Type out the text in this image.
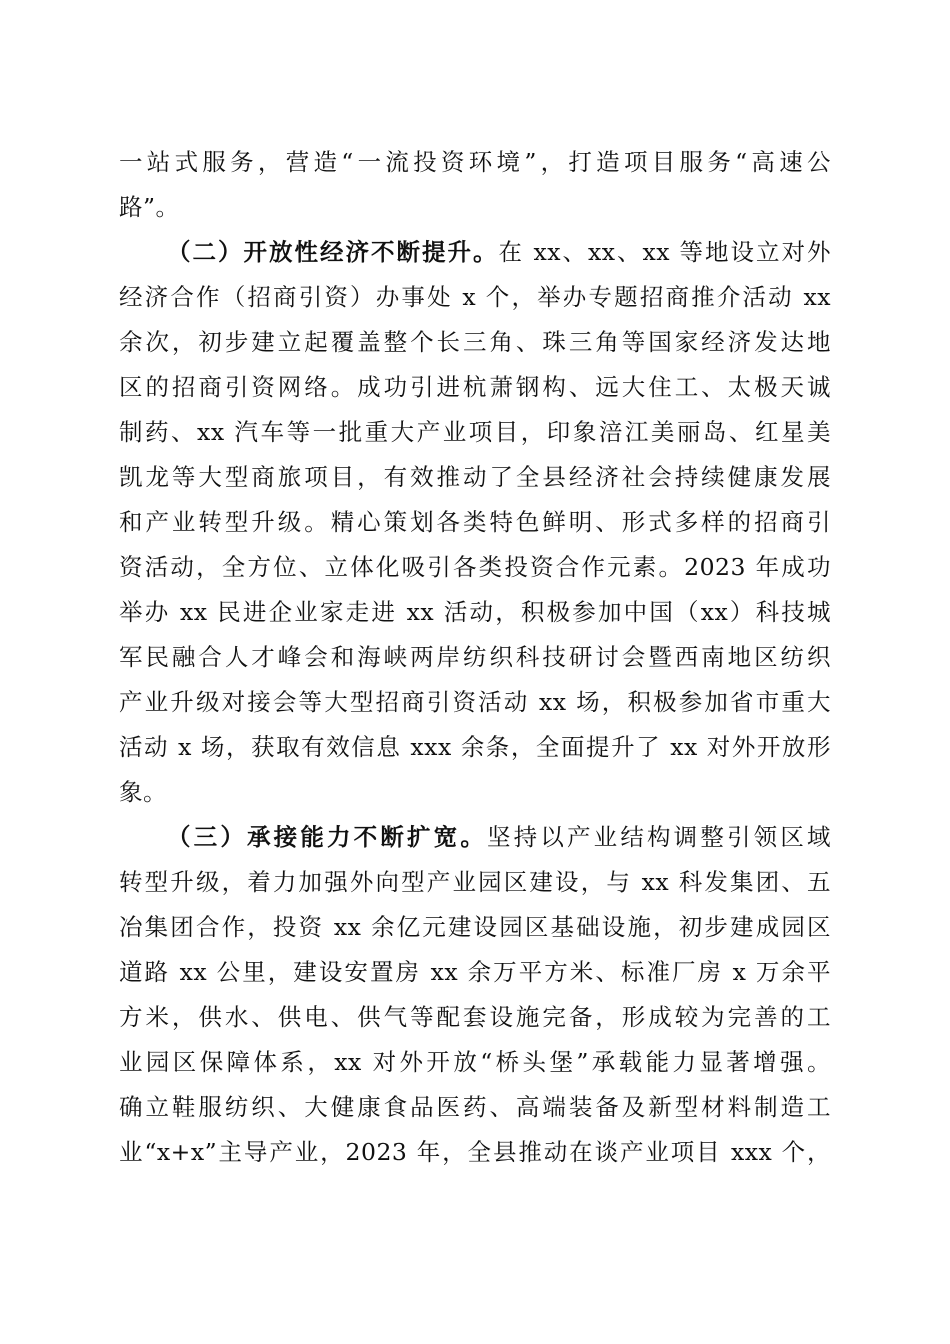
一站式服务，营造“一流投资环境”，打造项目服务“高速公
路”。
（二）开放性经济不断提升。在 xx、xx、xx 等地设立对外
经济合作（招商引资）办事处 x 个，举办专题招商推介活动 xx
余次，初步建立起覆盖整个长三角、珠三角等国家经济发达地
区的招商引资网络。成功引进杭萧钢构、远大住工、太极天诚
制药、xx 汽车等一批重大产业项目，印象涪江美丽岛、红星美
凯龙等大型商旅项目，有效推动了全县经济社会持续健康发展
和产业转型升级。精心策划各类特色鲜明、形式多样的招商引
资活动，全方位、立体化吸引各类投资合作元素。2023 年成功
举办 xx 民进企业家走进 xx 活动，积极参加中国（xx）科技城
军民融合人才峰会和海峡两岸纺织科技研讨会暨西南地区纺织
产业升级对接会等大型招商引资活动 xx 场，积极参加省市重大
活动 x 场，获取有效信息 xxx 余条，全面提升了 xx 对外开放形
象。
（三）承接能力不断扩宽。坚持以产业结构调整引领区域
转型升级，着力加强外向型产业园区建设，与 xx 科发集团、五
冶集团合作，投资 xx 余亿元建设园区基础设施，初步建成园区
道路 xx 公里，建设安置房 xx 余万平方米、标准厂房 x 万余平
方米，供水、供电、供气等配套设施完备，形成较为完善的工
业园区保障体系，xx 对外开放“桥头堡”承载能力显著增强。
确立鞋服纺织、大健康食品医药、高端装备及新型材料制造工
业“x+x”主导产业，2023 年，全县推动在谈产业项目 xxx 个，
